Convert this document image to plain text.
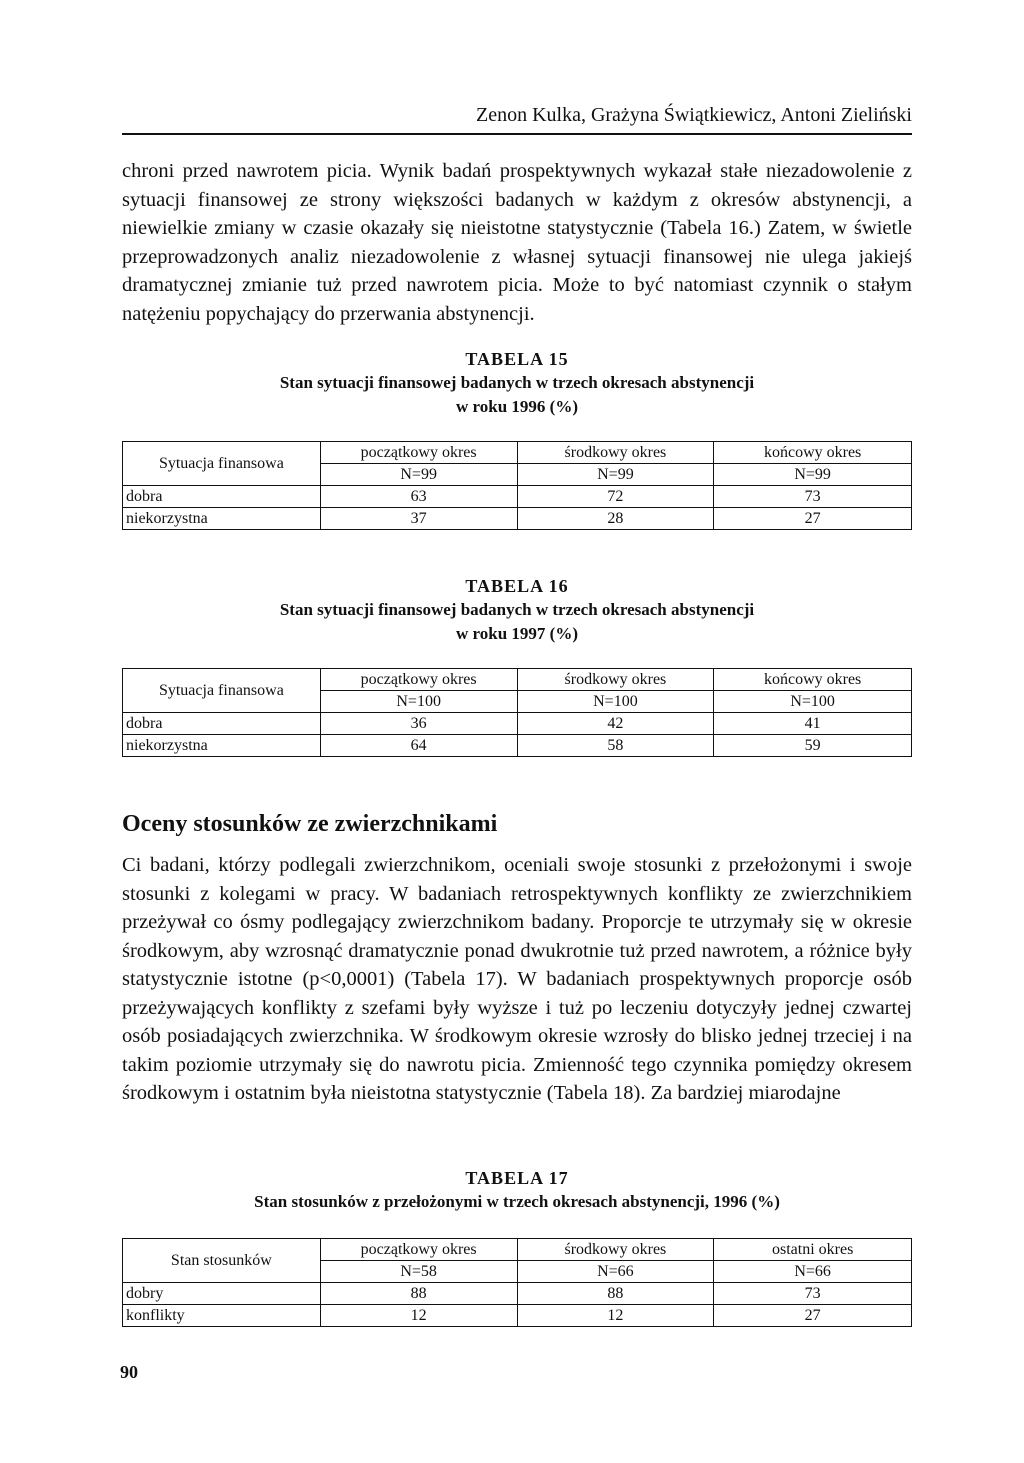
Zenon Kulka, Grażyna Świątkiewicz, Antoni Zieliński
chroni przed nawrotem picia. Wynik badań prospektywnych wykazał stałe niezadowolenie z sytuacji finansowej ze strony większości badanych w każdym z okresów abstynencji, a niewielkie zmiany w czasie okazały się nieistotne statystycznie (Tabela 16.) Zatem, w świetle przeprowadzonych analiz niezadowolenie z własnej sytuacji finansowej nie ulega jakiejś dramatycznej zmianie tuż przed nawrotem picia. Może to być natomiast czynnik o stałym natężeniu popychający do przerwania abstynencji.
TABELA 15
Stan sytuacji finansowej badanych w trzech okresach abstynencji
w roku 1996 (%)
Sytuacja finansowa	początkowy okres	środkowy okres	końcowy okres
	N=99	N=99	N=99
dobra	63	72	73
niekorzystna	37	28	27
TABELA 16
Stan sytuacji finansowej badanych w trzech okresach abstynencji
w roku 1997 (%)
Sytuacja finansowa	początkowy okres	środkowy okres	końcowy okres
	N=100	N=100	N=100
dobra	36	42	41
niekorzystna	64	58	59
Oceny stosunków ze zwierzchnikami
Ci badani, którzy podlegali zwierzchnikom, oceniali swoje stosunki z przełożonymi i swoje stosunki z kolegami w pracy. W badaniach retrospektywnych konflikty ze zwierzchnikiem przeżywał co ósmy podlegający zwierzchnikom badany. Proporcje te utrzymały się w okresie środkowym, aby wzrosnąć dramatycznie ponad dwukrotnie tuż przed nawrotem, a różnice były statystycznie istotne (p<0,0001) (Tabela 17). W badaniach prospektywnych proporcje osób przeżywających konflikty z szefami były wyższe i tuż po leczeniu dotyczyły jednej czwartej osób posiadających zwierzchnika. W środkowym okresie wzrosły do blisko jednej trzeciej i na takim poziomie utrzymały się do nawrotu picia. Zmienność tego czynnika pomiędzy okresem środkowym i ostatnim była nieistotna statystycznie (Tabela 18). Za bardziej miarodajne
TABELA 17
Stan stosunków z przełożonymi w trzech okresach abstynencji, 1996 (%)
Stan stosunków	początkowy okres	środkowy okres	ostatni okres
	N=58	N=66	N=66
dobry	88	88	73
konflikty	12	12	27
90
